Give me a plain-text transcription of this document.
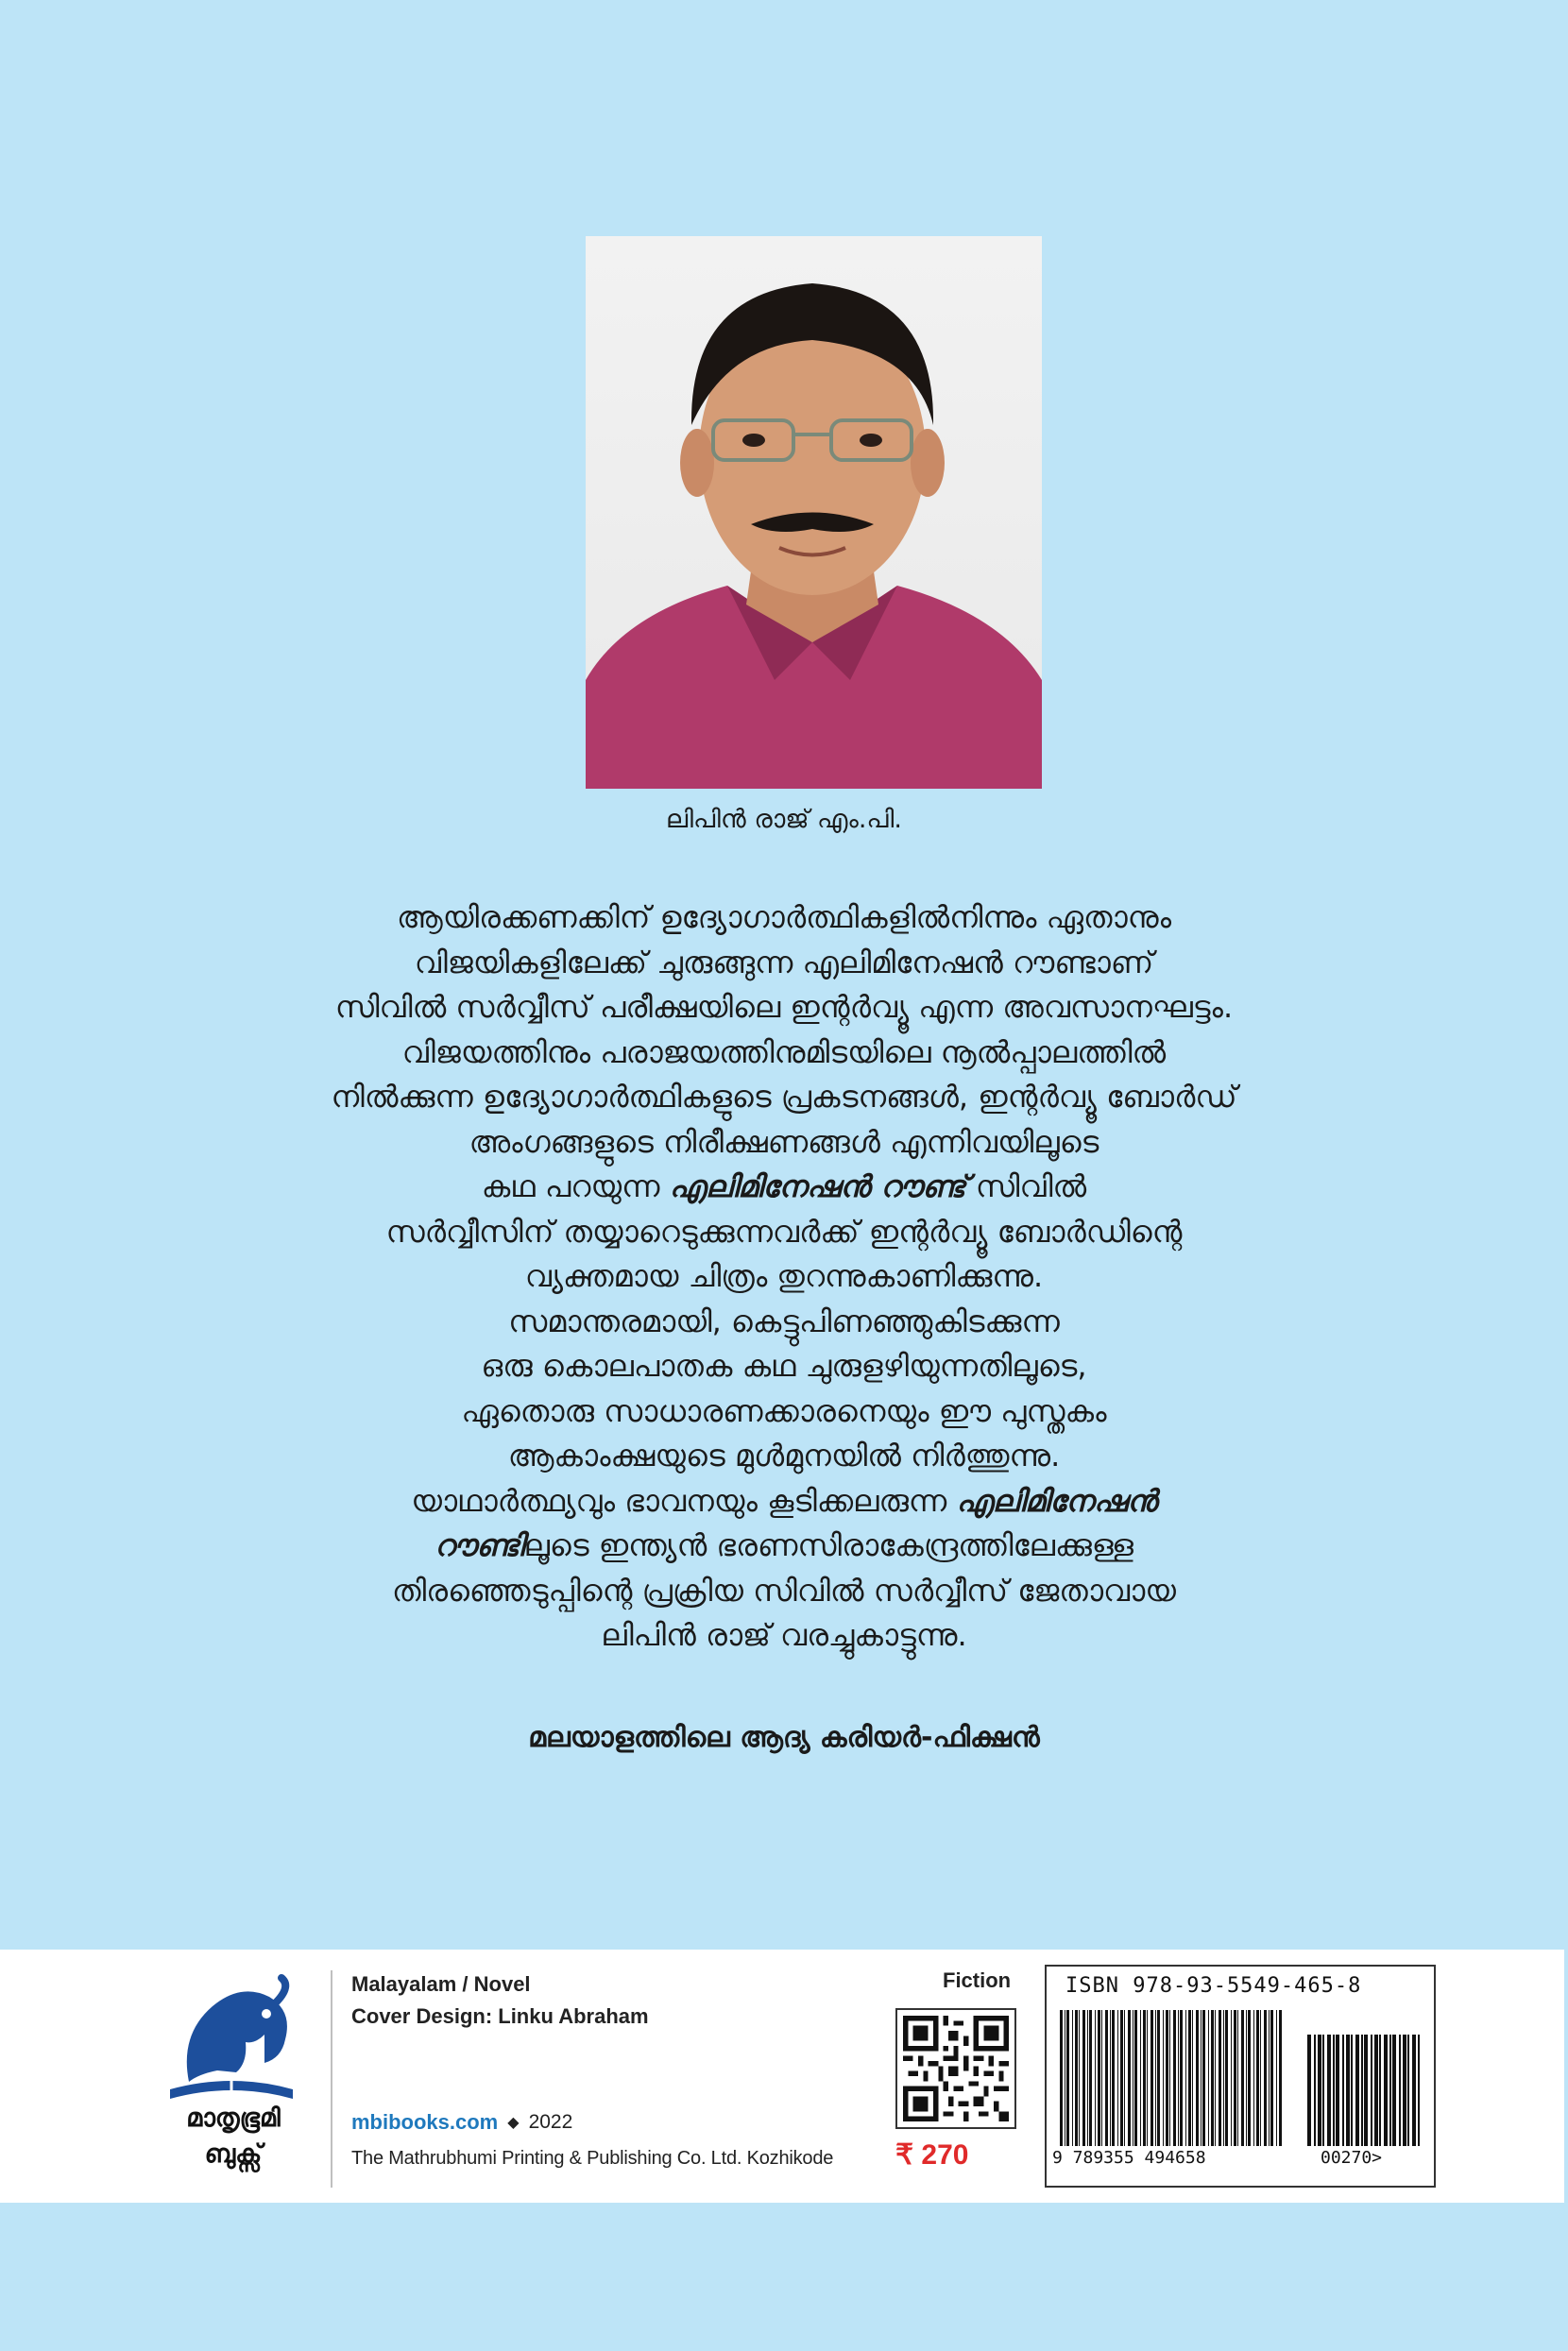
ലിപിൻ രാജ് എം.പി.

ആയിരക്കണക്കിന് ഉദ്യോഗാർത്ഥികളിൽനിന്നും ഏതാനും

വിജയികളിലേക്ക് ചുരുങ്ങുന്ന എലിമിനേഷൻ റൗണ്ടാണ്

സിവിൽ സർവ്വീസ് പരീക്ഷയിലെ ഇന്റർവ്യൂ എന്ന അവസാനഘട്ടം.

വിജയത്തിനും പരാജയത്തിനുമിടയിലെ നൂൽപ്പാലത്തിൽ

നിൽക്കുന്ന ഉദ്യോഗാർത്ഥികളുടെ പ്രകടനങ്ങൾ, ഇന്റർവ്യൂ ബോർഡ്

അംഗങ്ങളുടെ നിരീക്ഷണങ്ങൾ എന്നിവയിലൂടെ

കഥ പറയുന്ന എലിമിനേഷൻ റൗണ്ട് സിവിൽ

സർവ്വീസിന് തയ്യാറെടുക്കുന്നവർക്ക് ഇന്റർവ്യൂ ബോർഡിന്റെ

വ്യക്തമായ ചിത്രം തുറന്നുകാണിക്കുന്നു.

സമാന്തരമായി, കെട്ടുപിണഞ്ഞുകിടക്കുന്ന

ഒരു കൊലപാതക കഥ ചുരുളഴിയുന്നതിലൂടെ,

ഏതൊരു സാധാരണക്കാരനെയും ഈ പുസ്തകം

ആകാംക്ഷയുടെ മുൾമുനയിൽ നിർത്തുന്നു.

യാഥാർത്ഥ്യവും ഭാവനയും കൂടിക്കലരുന്ന എലിമിനേഷൻ

റൗണ്ടിലൂടെ ഇന്ത്യൻ ഭരണസിരാകേന്ദ്രത്തിലേക്കുള്ള

തിരഞ്ഞെടുപ്പിന്റെ പ്രക്രിയ സിവിൽ സർവ്വീസ് ജേതാവായ

ലിപിൻ രാജ് വരച്ചുകാട്ടുന്നു.

മലയാളത്തിലെ ആദ്യ കരിയർ-ഫിക്ഷൻ
മാതൃഭൂമി
ബുക്സ്
Malayalam / Novel
Cover Design: Linku Abraham
mbibooks.com ◆ 2022
The Mathrubhumi Printing & Publishing Co. Ltd. Kozhikode
Fiction
₹ 270
ISBN 978-93-5549-465-8
9 789355 494658	00270>
